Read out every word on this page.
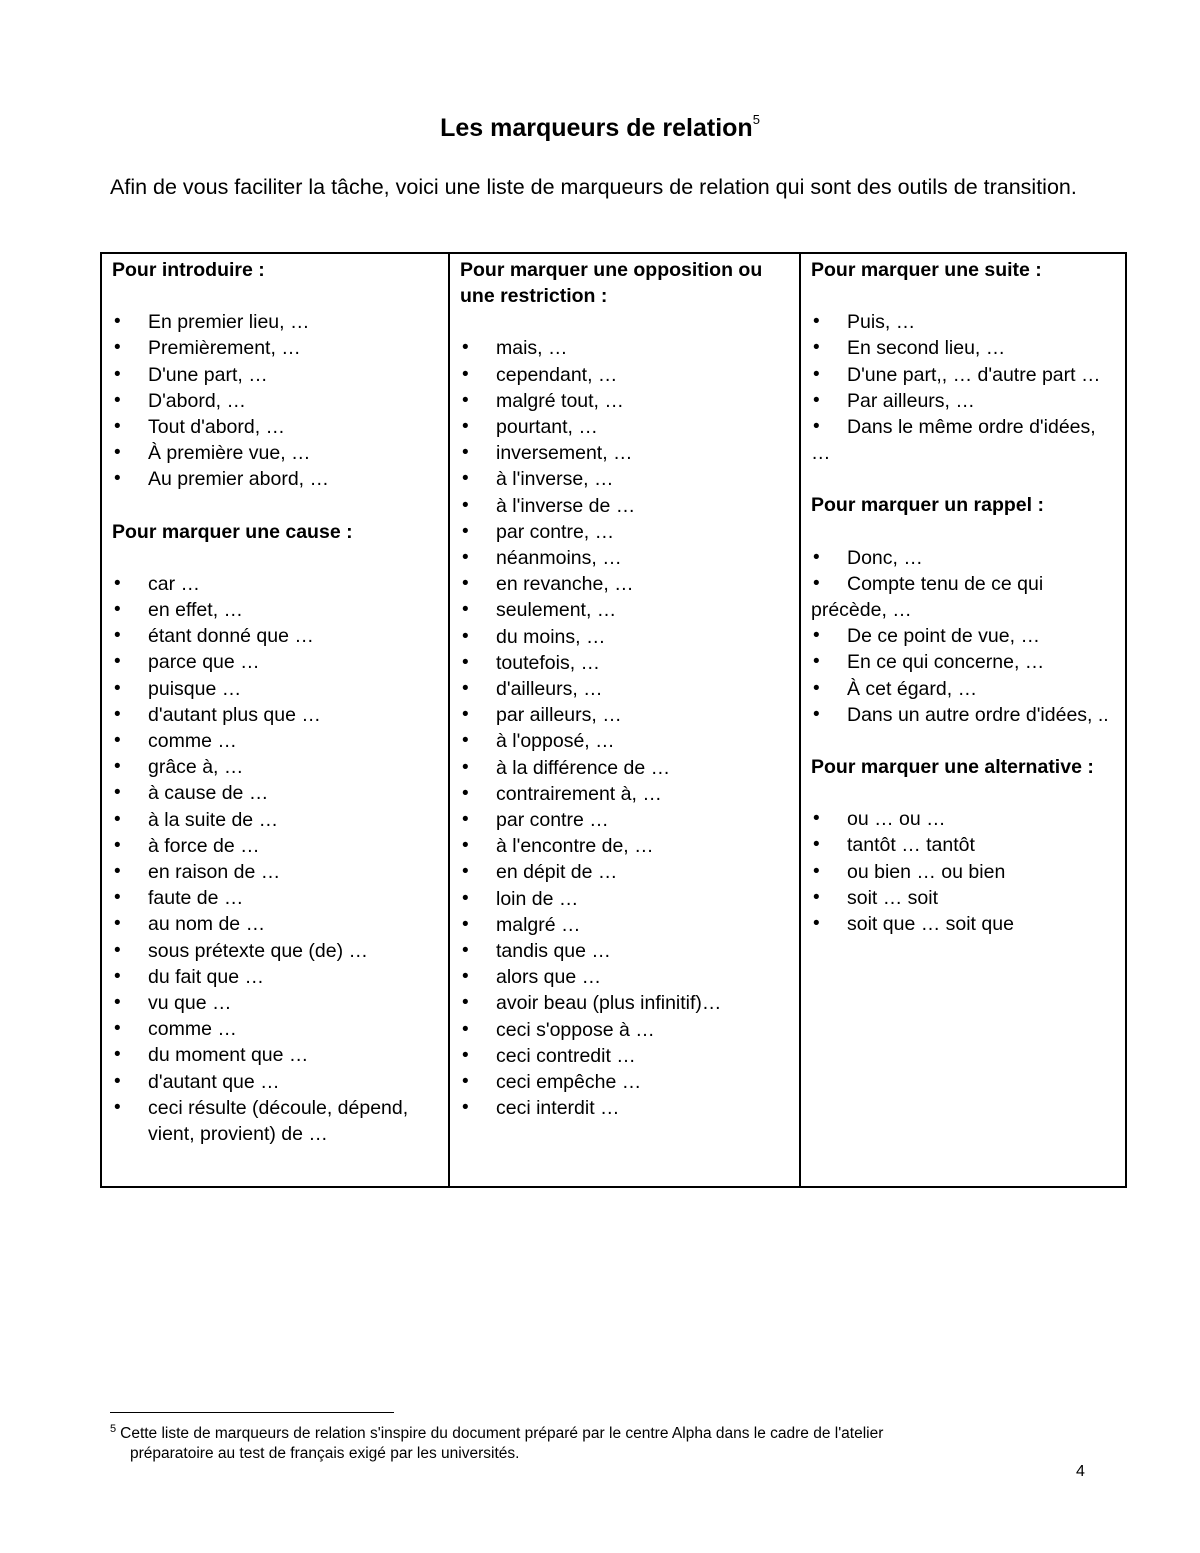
Les marqueurs de relation$^5$
Afin de vous faciliter la tâche, voici une liste de marqueurs de relation qui sont des outils de transition.
Pour introduire :
• En premier lieu, …
• Premièrement, …
• D'une part, …
• D'abord, …
• Tout d'abord, …
• À première vue, …
• Au premier abord, …
Pour marquer une cause :
• car …
• en effet, …
• étant donné que …
• parce que …
• puisque …
• d'autant plus que …
• comme …
• grâce à, …
• à cause de …
• à la suite de …
• à force de …
• en raison de …
• faute de …
• au nom de …
• sous prétexte que (de) …
• du fait que …
• vu que …
• comme …
• du moment que …
• d'autant que …
• ceci résulte (découle, dépend, vient, provient) de …

Pour marquer une opposition ou une restriction :
• mais, …
• cependant, …
• malgré tout, …
• pourtant, …
• inversement, …
• à l'inverse, …
• à l'inverse de …
• par contre, …
• néanmoins, …
• en revanche, …
• seulement, …
• du moins, …
• toutefois, …
• d'ailleurs, …
• par ailleurs, …
• à l'opposé, …
• à la différence de …
• contrairement à, …
• par contre …
• à l'encontre de, …
• en dépit de …
• loin de …
• malgré …
• tandis que …
• alors que …
• avoir beau (plus infinitif)…
• ceci s'oppose à …
• ceci contredit …
• ceci empêche …
• ceci interdit …

Pour marquer une suite :
• Puis, …
• En second lieu, …
• D'une part,, … d'autre part …
• Par ailleurs, …
• Dans le même ordre d'idées, …
Pour marquer un rappel :
• Donc, …
• Compte tenu de ce qui précède, …
• De ce point de vue, …
• En ce qui concerne, …
• À cet égard, …
• Dans un autre ordre d'idées, ..
Pour marquer une alternative :
• ou … ou …
• tantôt … tantôt
• ou bien … ou bien
• soit … soit
• soit que … soit que
$^5$ Cette liste de marqueurs de relation s'inspire du document préparé par le centre Alpha dans le cadre de l'atelier
préparatoire au test de français exigé par les universités.
4
